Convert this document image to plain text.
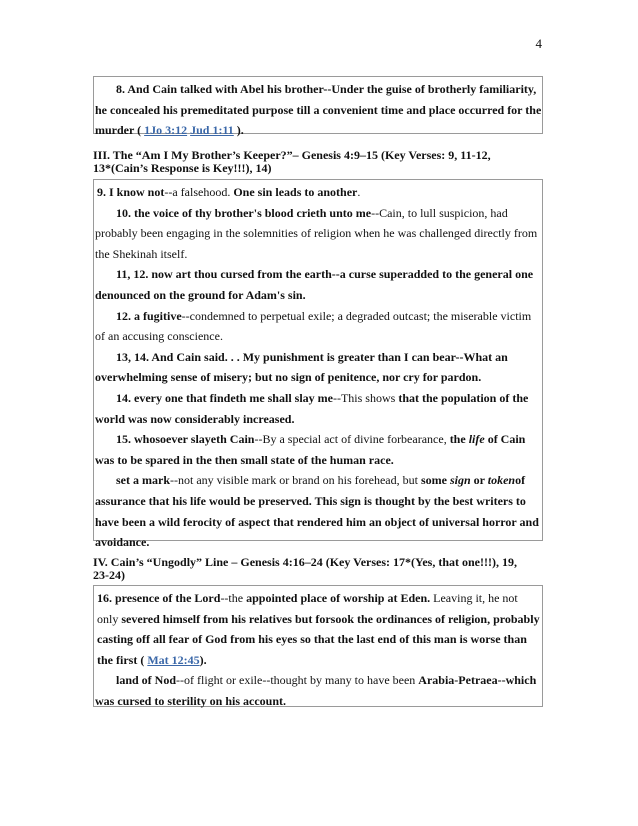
4

8. And Cain talked with Abel his brother--Under the guise of brotherly familiarity, he concealed his premeditated purpose till a convenient time and place occurred for the murder ( 1Jo 3:12 Jud 1:11 ).

III. The “Am I My Brother’s Keeper?”– Genesis 4:9–15 (Key Verses: 9, 11-12,
13*(Cain’s Response is Key!!!), 14)

9. I know not--a falsehood. One sin leads to another.

10. the voice of thy brother's blood crieth unto me--Cain, to lull suspicion, had probably been engaging in the solemnities of religion when he was challenged directly from the Shekinah itself.

11, 12. now art thou cursed from the earth--a curse superadded to the general one denounced on the ground for Adam's sin.

12. a fugitive--condemned to perpetual exile; a degraded outcast; the miserable victim of an accusing conscience.

13, 14. And Cain said. . . My punishment is greater than I can bear--What an overwhelming sense of misery; but no sign of penitence, nor cry for pardon.

14. every one that findeth me shall slay me--This shows that the population of the world was now considerably increased.

15. whosoever slayeth Cain--By a special act of divine forbearance, the life of Cain was to be spared in the then small state of the human race.

set a mark--not any visible mark or brand on his forehead, but some sign or tokenof assurance that his life would be preserved. This sign is thought by the best writers to have been a wild ferocity of aspect that rendered him an object of universal horror and avoidance.

IV. Cain’s “Ungodly” Line – Genesis 4:16–24 (Key Verses: 17*(Yes, that one!!!), 19,
23-24)

16. presence of the Lord--the appointed place of worship at Eden. Leaving it, he not only severed himself from his relatives but forsook the ordinances of religion, probably casting off all fear of God from his eyes so that the last end of this man is worse than the first ( Mat 12:45).

land of Nod--of flight or exile--thought by many to have been Arabia-Petraea--which was cursed to sterility on his account.
